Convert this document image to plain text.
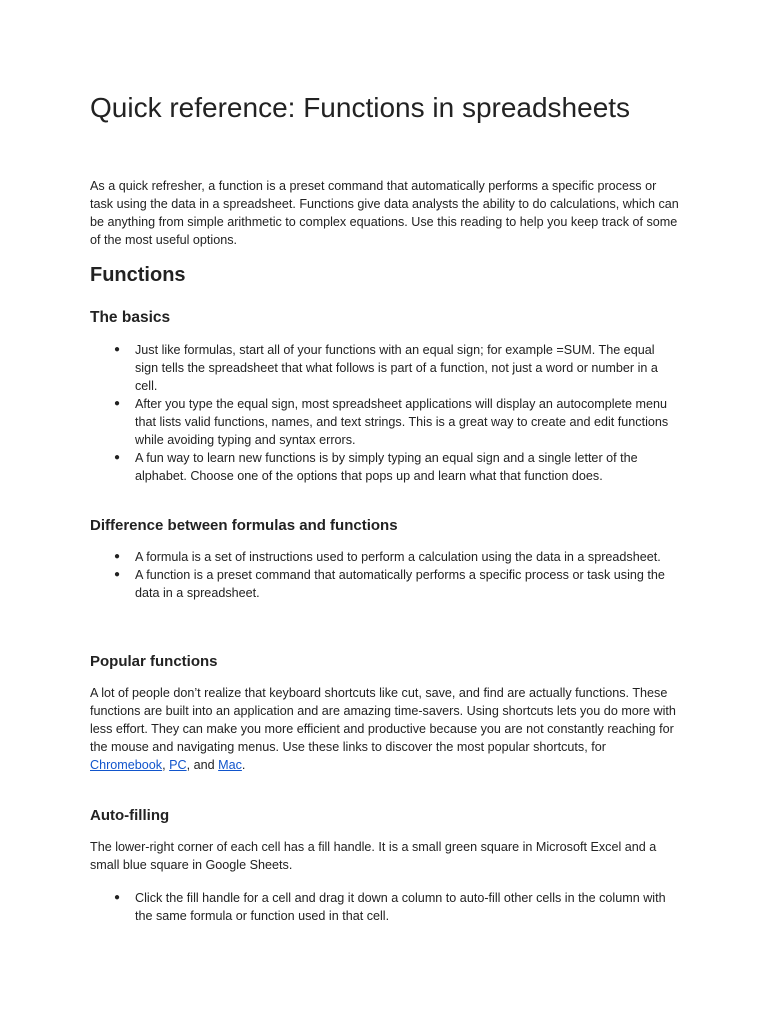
Quick reference: Functions in spreadsheets

As a quick refresher, a function is a preset command that automatically performs a specific process or task using the data in a spreadsheet. Functions give data analysts the ability to do calculations, which can be anything from simple arithmetic to complex equations. Use this reading to help you keep track of some of the most useful options.

Functions
The basics
● Just like formulas, start all of your functions with an equal sign; for example =SUM. The equal sign tells the spreadsheet that what follows is part of a function, not just a word or number in a cell.
● After you type the equal sign, most spreadsheet applications will display an autocomplete menu that lists valid functions, names, and text strings. This is a great way to create and edit functions while avoiding typing and syntax errors.
● A fun way to learn new functions is by simply typing an equal sign and a single letter of the alphabet. Choose one of the options that pops up and learn what that function does.
Difference between formulas and functions
● A formula is a set of instructions used to perform a calculation using the data in a spreadsheet.
● A function is a preset command that automatically performs a specific process or task using the data in a spreadsheet.
Popular functions

A lot of people don’t realize that keyboard shortcuts like cut, save, and find are actually functions. These functions are built into an application and are amazing time-savers. Using shortcuts lets you do more with less effort. They can make you more efficient and productive because you are not constantly reaching for the mouse and navigating menus. Use these links to discover the most popular shortcuts, for Chromebook, PC, and Mac.

Auto-filling

The lower-right corner of each cell has a fill handle. It is a small green square in Microsoft Excel and a small blue square in Google Sheets.

● Click the fill handle for a cell and drag it down a column to auto-fill other cells in the column with the same formula or function used in that cell.
